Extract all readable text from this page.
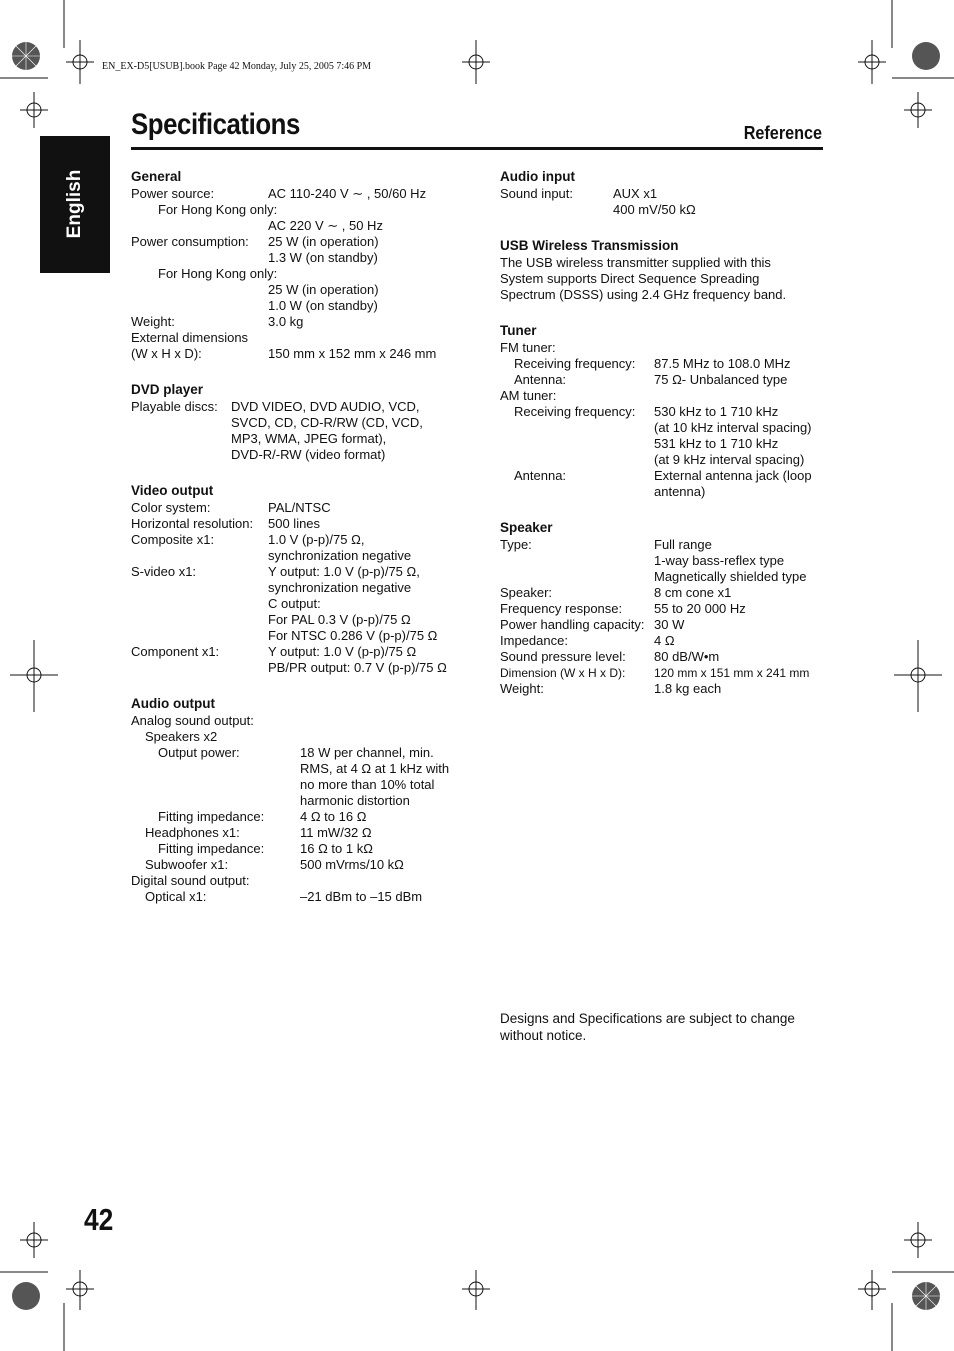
EN_EX-D5[USUB].book Page 42 Monday, July 25, 2005 7:46 PM
English
Specifications	Reference
General
Power source:	AC 110-240 V ∼ , 50/60 Hz
For Hong Kong only:
AC 220 V ∼ , 50 Hz
Power consumption: 25 W (in operation)
1.3 W (on standby)
For Hong Kong only:
25 W (in operation)
1.0 W (on standby)
Weight:	3.0 kg
External dimensions
(W x H x D):	150 mm x 152 mm x 246 mm
DVD player
Playable discs: DVD VIDEO, DVD AUDIO, VCD,
SVCD, CD, CD-R/RW (CD, VCD,
MP3, WMA, JPEG format),
DVD-R/-RW (video format)
Video output
Color system:	PAL/NTSC
Horizontal resolution: 500 lines
Composite x1:	1.0 V (p-p)/75 Ω,
synchronization negative
S-video x1:	Y output: 1.0 V (p-p)/75 Ω,
synchronization negative
C output:
For PAL 0.3 V (p-p)/75 Ω
For NTSC 0.286 V (p-p)/75 Ω
Component x1:	Y output: 1.0 V (p-p)/75 Ω
PB/PR output: 0.7 V (p-p)/75 Ω
Audio output
Analog sound output:
Speakers x2
Output power:	18 W per channel, min.
RMS, at 4 Ω at 1 kHz with
no more than 10% total
harmonic distortion
Fitting impedance:	4 Ω to 16 Ω
Headphones x1:	11 mW/32 Ω
Fitting impedance:	16 Ω to 1 kΩ
Subwoofer x1:	500 mVrms/10 kΩ
Digital sound output:
Optical x1:	–21 dBm to –15 dBm
Audio input
Sound input:	AUX x1
400 mV/50 kΩ
USB Wireless Transmission
The USB wireless transmitter supplied with this
System supports Direct Sequence Spreading
Spectrum (DSSS) using 2.4 GHz frequency band.
Tuner
FM tuner:
Receiving frequency: 87.5 MHz to 108.0 MHz
Antenna:	75 Ω- Unbalanced type
AM tuner:
Receiving frequency: 530 kHz to 1 710 kHz
(at 10 kHz interval spacing)
531 kHz to 1 710 kHz
(at 9 kHz interval spacing)
Antenna:	External antenna jack (loop
antenna)
Speaker
Type:	Full range
1-way bass-reflex type
Magnetically shielded type
Speaker:	8 cm cone x1
Frequency response: 55 to 20 000 Hz
Power handling capacity: 30 W
Impedance:	4 Ω
Sound pressure level: 80 dB/W•m
Dimension (W x H x D): 120 mm x 151 mm x 241 mm
Weight:	1.8 kg each
Designs and Specifications are subject to change
without notice.
42
